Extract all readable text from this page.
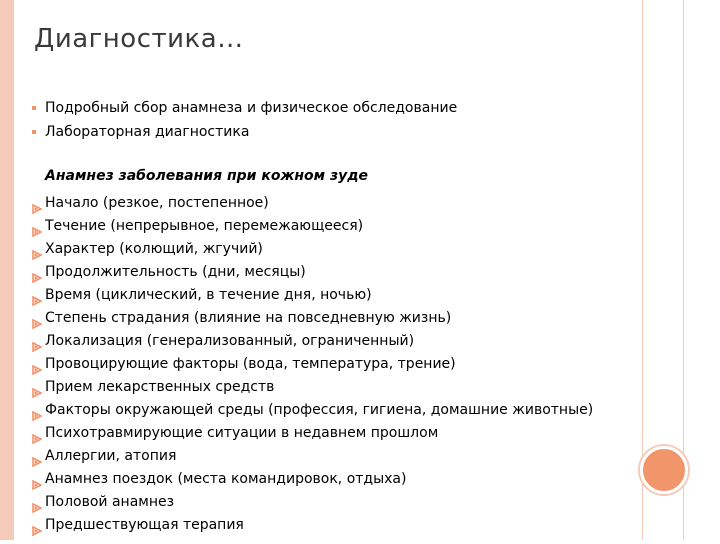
Диагностика…
Подробный сбор анамнеза и физическое обследование
Лабораторная диагностика
Анамнез заболевания при кожном зуде
Начало (резкое, постепенное)
Течение (непрерывное, перемежающееся)
Характер (колющий, жгучий)
Продолжительность (дни, месяцы)
Время (циклический, в течение дня, ночью)
Степень страдания (влияние на повседневную жизнь)
Локализация (генерализованный, ограниченный)
Провоцирующие факторы (вода, температура, трение)
Прием лекарственных средств
Факторы окружающей среды (профессия, гигиена, домашние животные)
Психотравмирующие ситуации в недавнем прошлом
Аллергии, атопия
Анамнез поездок (места командировок, отдыха)
Половой анамнез
Предшествующая терапия
